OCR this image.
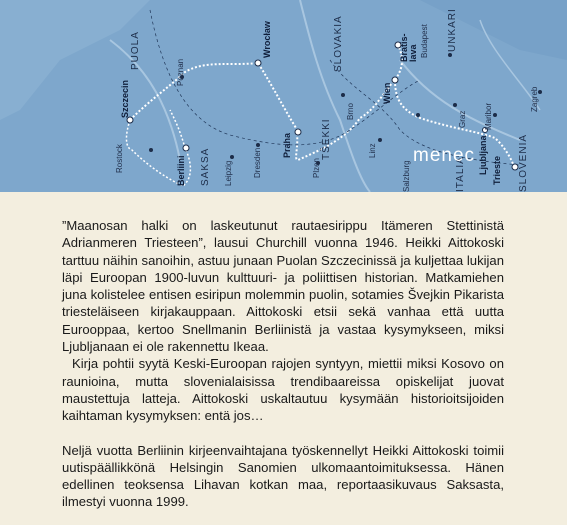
Szczecin
Poznan
Wrocław
Rostock	Berliini	Leipzig	Dresden
Praha
Plzen
Brno
Bratis-lava Budapest
Wien
Linz
Salzburg
Graz Maribor
Zagreb
Ljubljana Trieste
PUOLA
SAKSA
TŠEKKI
SLOVAKIA	UNKARI
ITALIA	SLOVENIA
menec

”Maanosan halki on laskeutunut rautaesirippu Itämeren Stettinistä Adrianmeren Triesteen”, lausui Churchill vuonna 1946. Heikki Aittokoski tarttuu näihin sanoihin, astuu junaan Puolan Szczecinissä ja kuljettaa lukijan läpi Euroopan 1900-luvun kulttuuri- ja poliittisen historian. Matkamiehen juna kolistelee entisen esiripun molemmin puolin, sotamies Švejkin Pikarista triesteläiseen kirjakauppaan. Aittokoski etsii sekä vanhaa että uutta Eurooppaa, kertoo Snellmanin Berliinistä ja vastaa kysymykseen, miksi Ljubljanaan ei ole rakennettu Ikeaa.

Kirja pohtii syytä Keski-Euroopan rajojen syntyyn, miettii miksi Kosovo on raunioina, mutta slovenialaisissa trendibaareissa opiskelijat juovat maustettuja latteja. Aittokoski uskaltautuu kysymään historioitsijoiden kaihtaman kysymyksen: entä jos…

Neljä vuotta Berliinin kirjeenvaihtajana työskennellyt Heikki Aittokoski toimii uutispäällikkönä Helsingin Sanomien ulkomaantoimituksessa. Hänen edellinen teoksensa Lihavan kotkan maa, reportaasikuvaus Saksasta, ilmestyi vuonna 1999.
